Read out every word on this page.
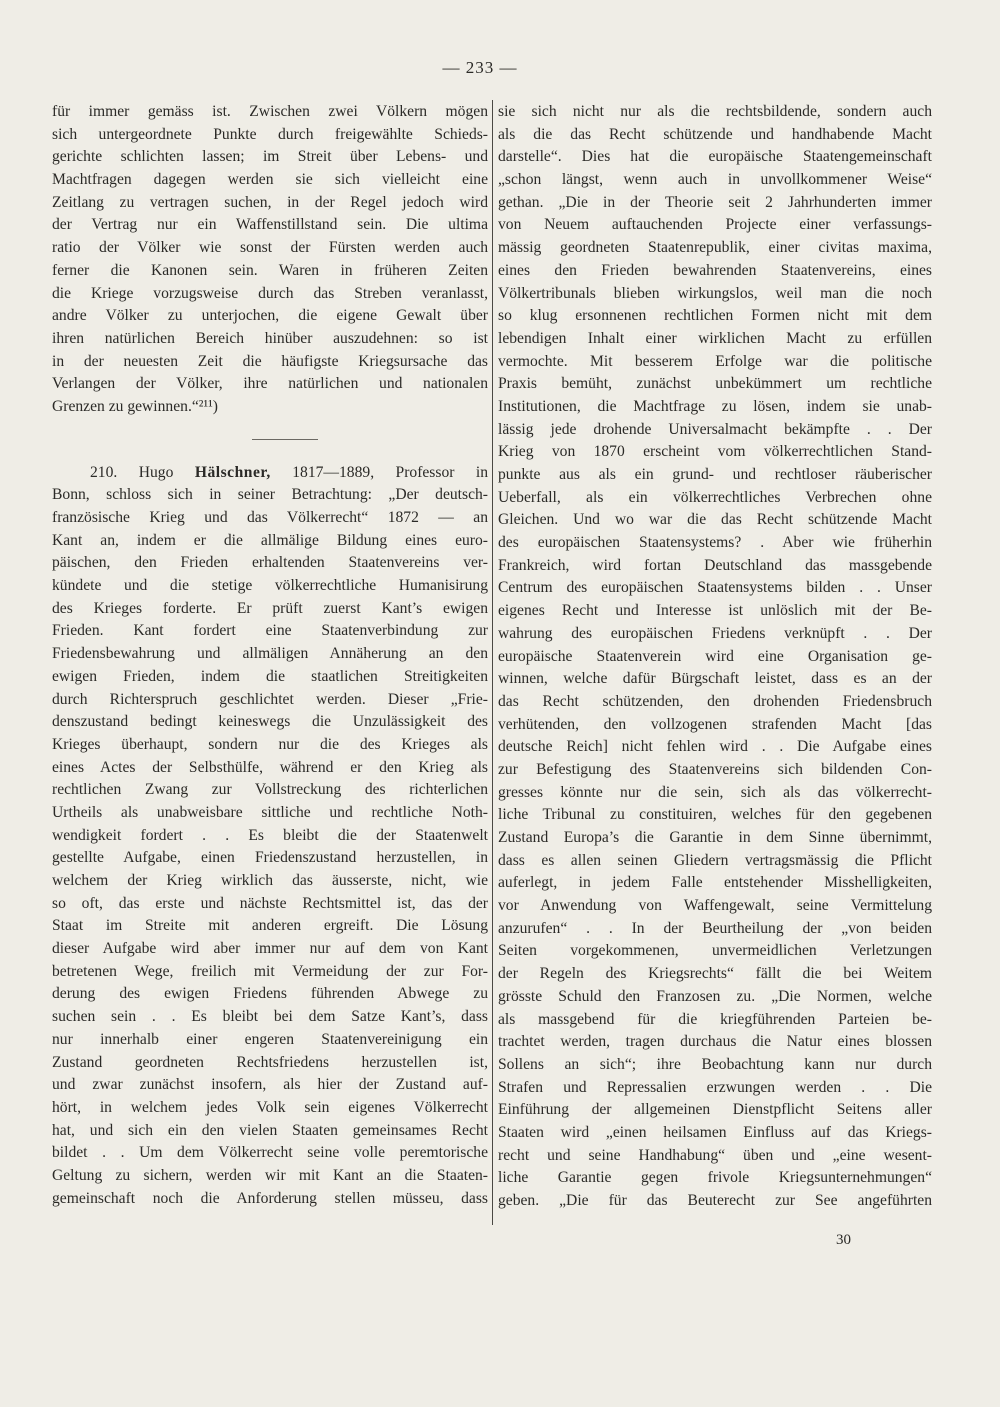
— 233 —
für immer gemäss ist. Zwischen zwei Völkern mögen
sich untergeordnete Punkte durch freigewählte Schieds-
gerichte schlichten lassen; im Streit über Lebens- und
Machtfragen dagegen werden sie sich vielleicht eine
Zeitlang zu vertragen suchen, in der Regel jedoch wird
der Vertrag nur ein Waffenstillstand sein. Die ultima
ratio der Völker wie sonst der Fürsten werden auch
ferner die Kanonen sein. Waren in früheren Zeiten
die Kriege vorzugsweise durch das Streben veranlasst,
andre Völker zu unterjochen, die eigene Gewalt über
ihren natürlichen Bereich hinüber auszudehnen: so ist
in der neuesten Zeit die häufigste Kriegsursache das
Verlangen der Völker, ihre natürlichen und nationalen
Grenzen zu gewinnen.“²¹¹)
210. Hugo Hälschner, 1817—1889, Professor in
Bonn, schloss sich in seiner Betrachtung: „Der deutsch-
französische Krieg und das Völkerrecht“ 1872 — an
Kant an, indem er die allmälige Bildung eines euro-
päischen, den Frieden erhaltenden Staatenvereins ver-
kündete und die stetige völkerrechtliche Humanisirung
des Krieges forderte. Er prüft zuerst Kant’s ewigen
Frieden. Kant fordert eine Staatenverbindung zur
Friedensbewahrung und allmäligen Annäherung an den
ewigen Frieden, indem die staatlichen Streitigkeiten
durch Richterspruch geschlichtet werden. Dieser „Frie-
denszustand bedingt keineswegs die Unzulässigkeit des
Krieges überhaupt, sondern nur die des Krieges als
eines Actes der Selbsthülfe, während er den Krieg als
rechtlichen Zwang zur Vollstreckung des richterlichen
Urtheils als unabweisbare sittliche und rechtliche Noth-
wendigkeit fordert . . Es bleibt die der Staatenwelt
gestellte Aufgabe, einen Friedenszustand herzustellen, in
welchem der Krieg wirklich das äusserste, nicht, wie
so oft, das erste und nächste Rechtsmittel ist, das der
Staat im Streite mit anderen ergreift. Die Lösung
dieser Aufgabe wird aber immer nur auf dem von Kant
betretenen Wege, freilich mit Vermeidung der zur For-
derung des ewigen Friedens führenden Abwege zu
suchen sein . . Es bleibt bei dem Satze Kant’s, dass
nur innerhalb einer engeren Staatenvereinigung ein
Zustand geordneten Rechtsfriedens herzustellen ist,
und zwar zunächst insofern, als hier der Zustand auf-
hört, in welchem jedes Volk sein eigenes Völkerrecht
hat, und sich ein den vielen Staaten gemeinsames Recht
bildet . . Um dem Völkerrecht seine volle peremtorische
Geltung zu sichern, werden wir mit Kant an die Staaten-
gemeinschaft noch die Anforderung stellen müsseu, dass
sie sich nicht nur als die rechtsbildende, sondern auch
als die das Recht schützende und handhabende Macht
darstelle“. Dies hat die europäische Staatengemeinschaft
„schon längst, wenn auch in unvollkommener Weise“
gethan. „Die in der Theorie seit 2 Jahrhunderten immer
von Neuem auftauchenden Projecte einer verfassungs-
mässig geordneten Staatenrepublik, einer civitas maxima,
eines den Frieden bewahrenden Staatenvereins, eines
Völkertribunals blieben wirkungslos, weil man die noch
so klug ersonnenen rechtlichen Formen nicht mit dem
lebendigen Inhalt einer wirklichen Macht zu erfüllen
vermochte. Mit besserem Erfolge war die politische
Praxis bemüht, zunächst unbekümmert um rechtliche
Institutionen, die Machtfrage zu lösen, indem sie unab-
lässig jede drohende Universalmacht bekämpfte . . Der
Krieg von 1870 erscheint vom völkerrechtlichen Stand-
punkte aus als ein grund- und rechtloser räuberischer
Ueberfall, als ein völkerrechtliches Verbrechen ohne
Gleichen. Und wo war die das Recht schützende Macht
des europäischen Staatensystems? . Aber wie früherhin
Frankreich, wird fortan Deutschland das massgebende
Centrum des europäischen Staatensystems bilden . . Unser
eigenes Recht und Interesse ist unlöslich mit der Be-
wahrung des europäischen Friedens verknüpft . . Der
europäische Staatenverein wird eine Organisation ge-
winnen, welche dafür Bürgschaft leistet, dass es an der
das Recht schützenden, den drohenden Friedensbruch
verhütenden, den vollzogenen strafenden Macht [das
deutsche Reich] nicht fehlen wird . . Die Aufgabe eines
zur Befestigung des Staatenvereins sich bildenden Con-
gresses könnte nur die sein, sich als das völkerrecht-
liche Tribunal zu constituiren, welches für den gegebenen
Zustand Europa’s die Garantie in dem Sinne übernimmt,
dass es allen seinen Gliedern vertragsmässig die Pflicht
auferlegt, in jedem Falle entstehender Misshelligkeiten,
vor Anwendung von Waffengewalt, seine Vermittelung
anzurufen“ . . In der Beurtheilung der „von beiden
Seiten vorgekommenen, unvermeidlichen Verletzungen
der Regeln des Kriegsrechts“ fällt die bei Weitem
grösste Schuld den Franzosen zu. „Die Normen, welche
als massgebend für die kriegführenden Parteien be-
trachtet werden, tragen durchaus die Natur eines blossen
Sollens an sich“; ihre Beobachtung kann nur durch
Strafen und Repressalien erzwungen werden . . Die
Einführung der allgemeinen Dienstpflicht Seitens aller
Staaten wird „einen heilsamen Einfluss auf das Kriegs-
recht und seine Handhabung“ üben und „eine wesent-
liche Garantie gegen frivole Kriegsunternehmungen“
geben. „Die für das Beuterecht zur See angeführten
30
